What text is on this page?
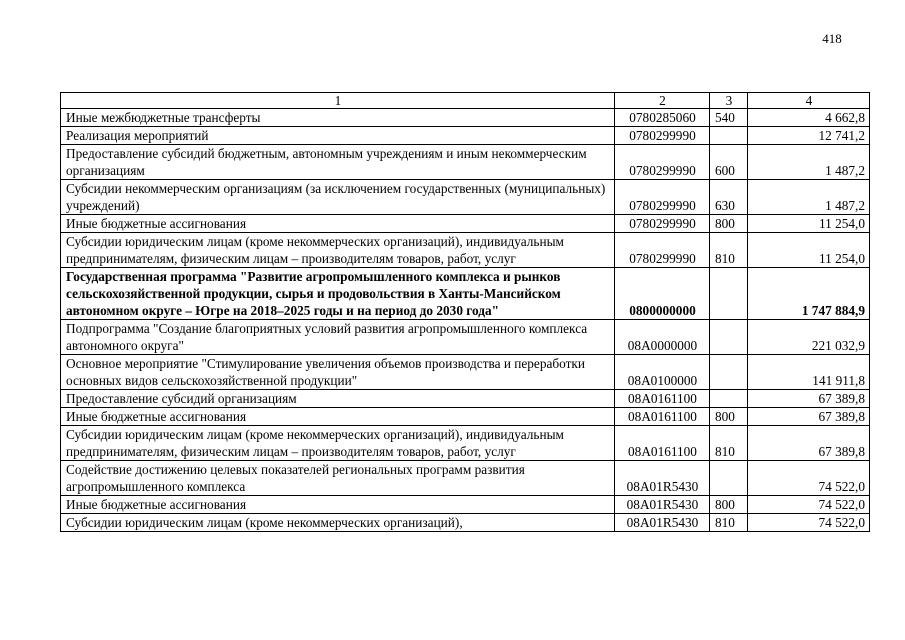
418
1	2	3	4
Иные межбюджетные трансферты	0780285060	540	4 662,8
Реализация мероприятий	0780299990		12 741,2
Предоставление субсидий бюджетным, автономным учреждениям и иным некоммерческим организациям	0780299990	600	1 487,2
Субсидии некоммерческим организациям (за исключением государственных (муниципальных) учреждений)	0780299990	630	1 487,2
Иные бюджетные ассигнования	0780299990	800	11 254,0
Субсидии юридическим лицам (кроме некоммерческих организаций), индивидуальным предпринимателям, физическим лицам – производителям товаров, работ, услуг	0780299990	810	11 254,0
Государственная программа "Развитие агропромышленного комплекса и рынков сельскохозяйственной продукции, сырья и продовольствия в Ханты-Мансийском автономном округе – Югре на 2018–2025 годы и на период до 2030 года"	0800000000		1 747 884,9
Подпрограмма "Создание благоприятных условий развития агропромышленного комплекса автономного округа"	08А0000000		221 032,9
Основное мероприятие "Стимулирование увеличения объемов производства и переработки основных видов сельскохозяйственной продукции"	08А0100000		141 911,8
Предоставление субсидий организациям	08А0161100		67 389,8
Иные бюджетные ассигнования	08А0161100	800	67 389,8
Субсидии юридическим лицам (кроме некоммерческих организаций), индивидуальным предпринимателям, физическим лицам – производителям товаров, работ, услуг	08А0161100	810	67 389,8
Содействие достижению целевых показателей региональных программ развития агропромышленного комплекса	08А01R5430		74 522,0
Иные бюджетные ассигнования	08А01R5430	800	74 522,0
Субсидии юридическим лицам (кроме некоммерческих организаций),	08А01R5430	810	74 522,0
